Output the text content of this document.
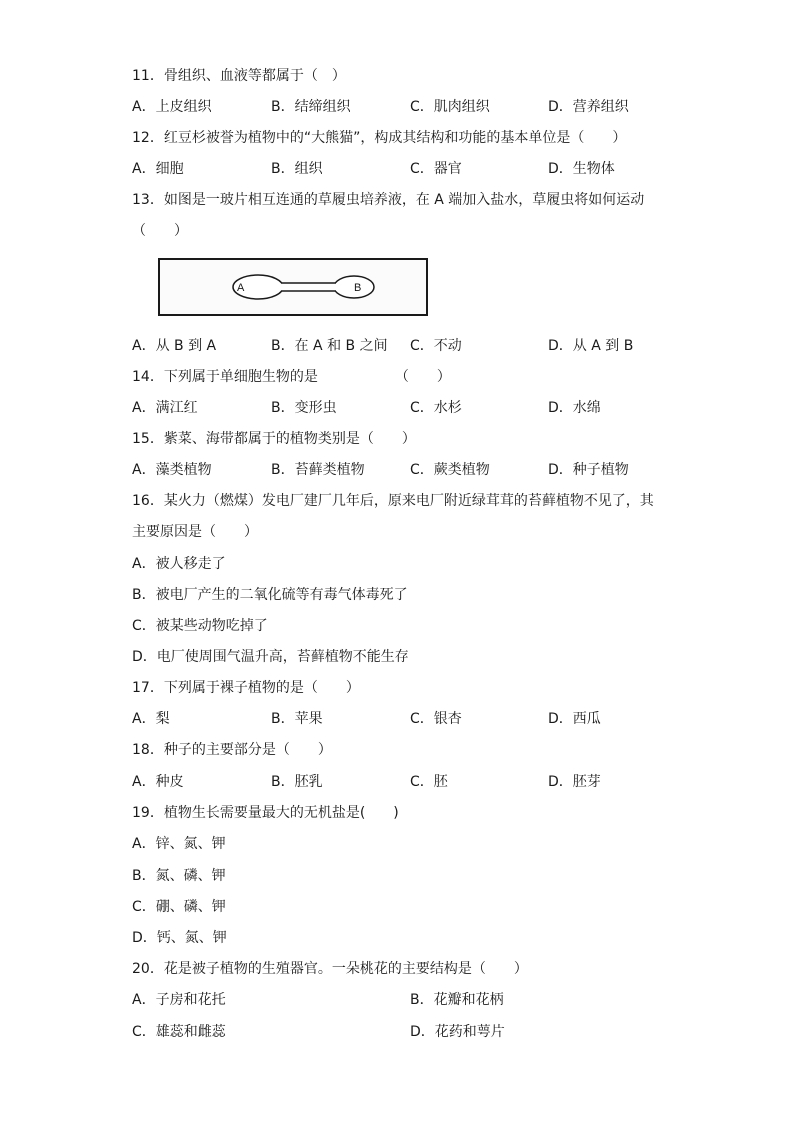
11．骨组织、血液等都属于（　）
A．上皮组织	B．结缔组织	C．肌肉组织	D．营养组织
12．红豆杉被誉为植物中的“大熊猫”，构成其结构和功能的基本单位是（　　）
A．细胞	B．组织	C．器官	D．生物体
13．如图是一玻片相互连通的草履虫培养液，在 A 端加入盐水，草履虫将如何运动
（　　）
A	B
A．从 B 到 A	B．在 A 和 B 之间 C．不动	D．从 A 到 B
14．下列属于单细胞生物的是　　　　　　（　　）
A．满江红	B．变形虫	C．水杉	D．水绵
15．紫菜、海带都属于的植物类别是（　　）
A．藻类植物	B．苔藓类植物	C．蕨类植物	D．种子植物
16．某火力（燃煤）发电厂建厂几年后，原来电厂附近绿茸茸的苔藓植物不见了，其
主要原因是（　　）
A．被人移走了
B．被电厂产生的二氧化硫等有毒气体毒死了
C．被某些动物吃掉了
D．电厂使周围气温升高，苔藓植物不能生存
17．下列属于裸子植物的是（　　）
A．梨	B．苹果	C．银杏	D．西瓜
18．种子的主要部分是（　　）
A．种皮	B．胚乳	C．胚	D．胚芽
19．植物生长需要量最大的无机盐是(　　)
A．锌、氮、钾
B．氮、磷、钾
C．硼、磷、钾
D．钙、氮、钾
20．花是被子植物的生殖器官。一朵桃花的主要结构是（　　）
A．子房和花托	B．花瓣和花柄
C．雄蕊和雌蕊	D．花药和萼片
